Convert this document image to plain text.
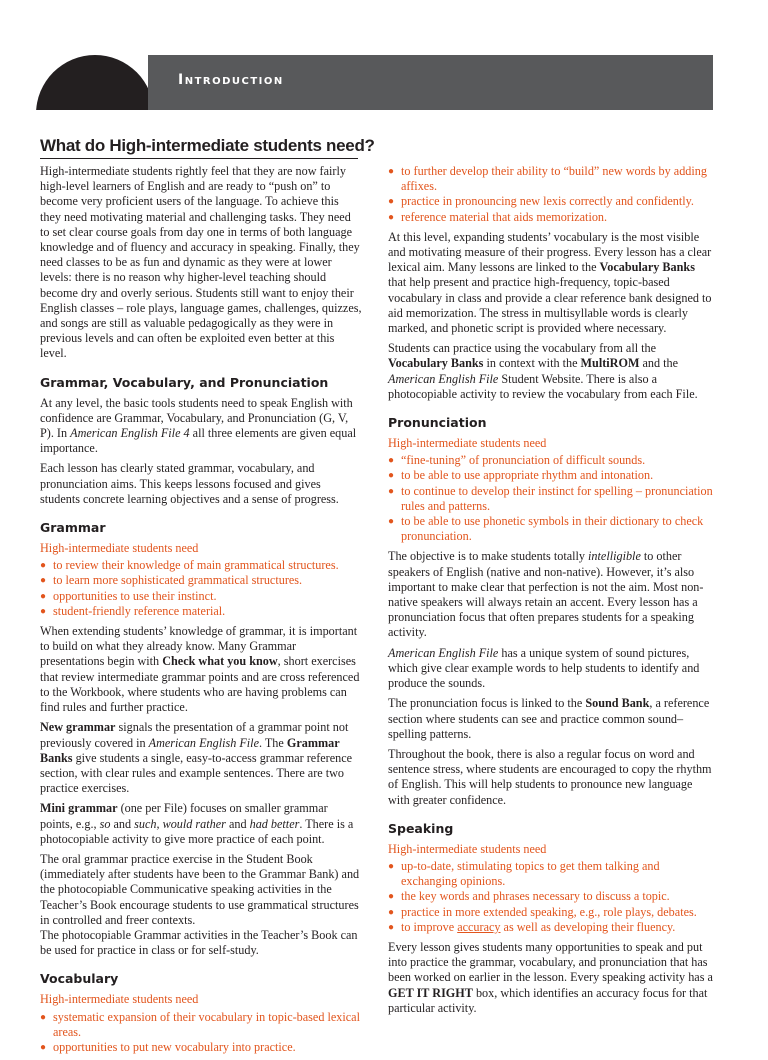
Introduction
What do High-intermediate students need?

High-intermediate students rightly feel that they are now fairly high-level learners of English and are ready to “push on” to become very proficient users of the language. To achieve this they need motivating material and challenging tasks. They need to set clear course goals from day one in terms of both language knowledge and of fluency and accuracy in speaking. Finally, they need classes to be as fun and dynamic as they were at lower levels: there is no reason why higher-level teaching should become dry and overly serious. Students still want to enjoy their English classes – role plays, language games, challenges, quizzes, and songs are still as valuable pedagogically as they were in previous levels and can often be exploited even better at this level.

Grammar, Vocabulary, and Pronunciation

At any level, the basic tools students need to speak English with confidence are Grammar, Vocabulary, and Pronunciation (G, V, P). In American English File 4 all three elements are given equal importance.

Each lesson has clearly stated grammar, vocabulary, and pronunciation aims. This keeps lessons focused and gives students concrete learning objectives and a sense of progress.

Grammar

High-intermediate students need

● to review their knowledge of main grammatical structures.
● to learn more sophisticated grammatical structures.
● opportunities to use their instinct.
● student-friendly reference material.

When extending students’ knowledge of grammar, it is important to build on what they already know. Many Grammar presentations begin with Check what you know, short exercises that review intermediate grammar points and are cross referenced to the Workbook, where students who are having problems can find rules and further practice.

New grammar signals the presentation of a grammar point not previously covered in American English File. The Grammar Banks give students a single, easy-to-access grammar reference section, with clear rules and example sentences. There are two practice exercises.

Mini grammar (one per File) focuses on smaller grammar points, e.g., so and such, would rather and had better. There is a photocopiable activity to give more practice of each point.

The oral grammar practice exercise in the Student Book (immediately after students have been to the Grammar Bank) and the photocopiable Communicative speaking activities in the Teacher’s Book encourage students to use grammatical structures in controlled and freer contexts.

The photocopiable Grammar activities in the Teacher’s Book can be used for practice in class or for self-study.

Vocabulary

High-intermediate students need

● systematic expansion of their vocabulary in topic-based lexical areas.
● opportunities to put new vocabulary into practice.
● to further develop their ability to “build” new words by adding affixes.
● practice in pronouncing new lexis correctly and confidently.
● reference material that aids memorization.

At this level, expanding students’ vocabulary is the most visible and motivating measure of their progress. Every lesson has a clear lexical aim. Many lessons are linked to the Vocabulary Banks that help present and practice high-frequency, topic-based vocabulary in class and provide a clear reference bank designed to aid memorization. The stress in multisyllable words is clearly marked, and phonetic script is provided where necessary.

Students can practice using the vocabulary from all the Vocabulary Banks in context with the MultiROM and the American English File Student Website. There is also a photocopiable activity to review the vocabulary from each File.

Pronunciation

High-intermediate students need

● “fine-tuning” of pronunciation of difficult sounds.
● to be able to use appropriate rhythm and intonation.
● to continue to develop their instinct for spelling – pronunciation rules and patterns.
● to be able to use phonetic symbols in their dictionary to check pronunciation.

The objective is to make students totally intelligible to other speakers of English (native and non-native). However, it’s also important to make clear that perfection is not the aim. Most non-native speakers will always retain an accent. Every lesson has a pronunciation focus that often prepares students for a speaking activity.

American English File has a unique system of sound pictures, which give clear example words to help students to identify and produce the sounds.

The pronunciation focus is linked to the Sound Bank, a reference section where students can see and practice common sound–spelling patterns.

Throughout the book, there is also a regular focus on word and sentence stress, where students are encouraged to copy the rhythm of English. This will help students to pronounce new language with greater confidence.

Speaking

High-intermediate students need

● up-to-date, stimulating topics to get them talking and exchanging opinions.
● the key words and phrases necessary to discuss a topic.
● practice in more extended speaking, e.g., role plays, debates.
● to improve accuracy as well as developing their fluency.

Every lesson gives students many opportunities to speak and put into practice the grammar, vocabulary, and pronunciation that has been worked on earlier in the lesson. Every speaking activity has a GET IT RIGHT box, which identifies an accuracy focus for that particular activity.
